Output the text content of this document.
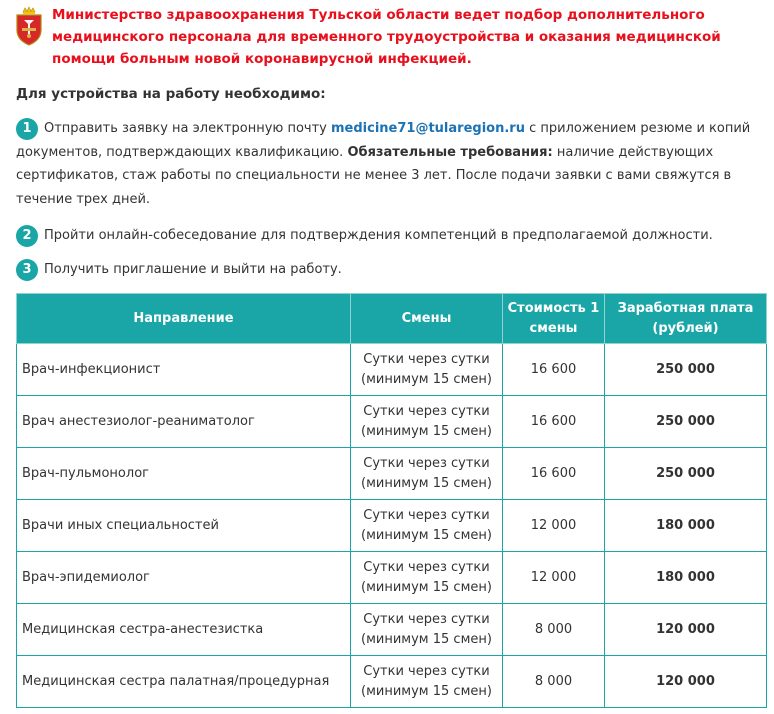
Министерство здравоохранения Тульской области ведет подбор дополнительного медицинского персонала для временного трудоустройства и оказания медицинской помощи больным новой коронавирусной инфекцией.
Для устройства на работу необходимо:
1 Отправить заявку на электронную почту medicine71@tularegion.ru с приложением резюме и копий документов, подтверждающих квалификацию. Обязательные требования: наличие действующих сертификатов, стаж работы по специальности не менее 3 лет. После подачи заявки с вами свяжутся в течение трех дней.
2 Пройти онлайн-собеседование для подтверждения компетенций в предполагаемой должности.
3 Получить приглашение и выйти на работу.
Направление	Смены	Стоимость 1 смены	Заработная плата (рублей)
Врач-инфекционист	Сутки через сутки (минимум 15 смен)	16 600	250 000
Врач анестезиолог-реаниматолог	Сутки через сутки (минимум 15 смен)	16 600	250 000
Врач-пульмонолог	Сутки через сутки (минимум 15 смен)	16 600	250 000
Врачи иных специальностей	Сутки через сутки (минимум 15 смен)	12 000	180 000
Врач-эпидемиолог	Сутки через сутки (минимум 15 смен)	12 000	180 000
Медицинская сестра-анестезистка	Сутки через сутки (минимум 15 смен)	8 000	120 000
Медицинская сестра палатная/процедурная	Сутки через сутки (минимум 15 смен)	8 000	120 000
